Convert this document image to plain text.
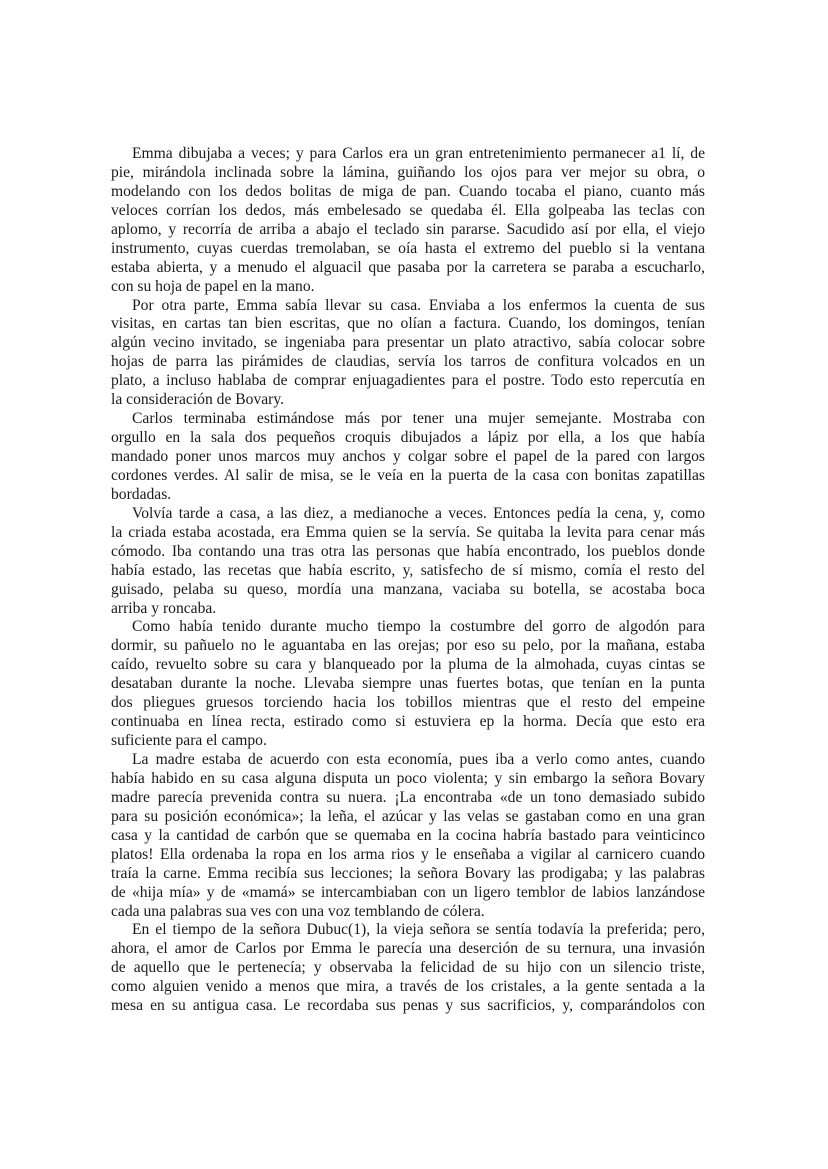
Emma dibujaba a veces; y para Carlos era un gran entretenimiento permanecer a1 lí, de
pie, mirándola inclinada sobre la lámina, guiñando los ojos para ver mejor su obra, o
modelando con los dedos bolitas de miga de pan. Cuando tocaba el piano, cuanto más
veloces corrían los dedos, más embelesado se quedaba él. Ella golpeaba las teclas con
aplomo, y recorría de arriba a abajo el teclado sin pararse. Sacudido así por ella, el viejo
instrumento, cuyas cuerdas tremolaban, se oía hasta el extremo del pueblo si la ventana
estaba abierta, y a menudo el alguacil que pasaba por la carretera se paraba a escucharlo,
con su hoja de papel en la mano.
Por otra parte, Emma sabía llevar su casa. Enviaba a los enfermos la cuenta de sus
visitas, en cartas tan bien escritas, que no olían a factura. Cuando, los domingos, tenían
algún vecino invitado, se ingeniaba para presentar un plato atractivo, sabía colocar sobre
hojas de parra las pirámides de claudias, servía los tarros de confitura volcados en un
plato, a incluso hablaba de comprar enjuagadientes para el postre. Todo esto repercutía en
la consideración de Bovary.
Carlos terminaba estimándose más por tener una mujer semejante. Mostraba con
orgullo en la sala dos pequeños croquis dibujados a lápiz por ella, a los que había
mandado poner unos marcos muy anchos y colgar sobre el papel de la pared con largos
cordones verdes. Al salir de misa, se le veía en la puerta de la casa con bonitas zapatillas
bordadas.
Volvía tarde a casa, a las diez, a medianoche a veces. Entonces pedía la cena, y, como
la criada estaba acostada, era Emma quien se la servía. Se quitaba la levita para cenar más
cómodo. Iba contando una tras otra las personas que había encontrado, los pueblos donde
había estado, las recetas que había escrito, y, satisfecho de sí mismo, comía el resto del
guisado, pelaba su queso, mordía una manzana, vaciaba su botella, se acostaba boca
arriba y roncaba.
Como había tenido durante mucho tiempo la costumbre del gorro de algodón para
dormir, su pañuelo no le aguantaba en las orejas; por eso su pelo, por la mañana, estaba
caído, revuelto sobre su cara y blanqueado por la pluma de la almohada, cuyas cintas se
desataban durante la noche. Llevaba siempre unas fuertes botas, que tenían en la punta
dos pliegues gruesos torciendo hacia los tobillos mientras que el resto del empeine
continuaba en línea recta, estirado como si estuviera ep la horma. Decía que esto era
suficiente para el campo.
La madre estaba de acuerdo con esta economía, pues iba a verlo como antes, cuando
había habido en su casa alguna disputa un poco violenta; y sin embargo la señora Bovary
madre parecía prevenida contra su nuera. ¡La encontraba «de un tono demasiado subido
para su posición económica»; la leña, el azúcar y las velas se gastaban como en una gran
casa y la cantidad de carbón que se quemaba en la cocina habría bastado para veinticinco
platos! Ella ordenaba la ropa en los arma rios y le enseñaba a vigilar al carnicero cuando
traía la carne. Emma recibía sus lecciones; la señora Bovary las prodigaba; y las palabras
de «hija mía» y de «mamá» se intercambiaban con un ligero temblor de labios lanzándose
cada una palabras sua ves con una voz temblando de cólera.
En el tiempo de la señora Dubuc(1), la vieja señora se sentía todavía la preferida; pero,
ahora, el amor de Carlos por Emma le parecía una deserción de su ternura, una invasión
de aquello que le pertenecía; y observaba la felicidad de su hijo con un silencio triste,
como alguien venido a menos que mira, a través de los cristales, a la gente sentada a la
mesa en su antigua casa. Le recordaba sus penas y sus sacrificios, y, comparándolos con
